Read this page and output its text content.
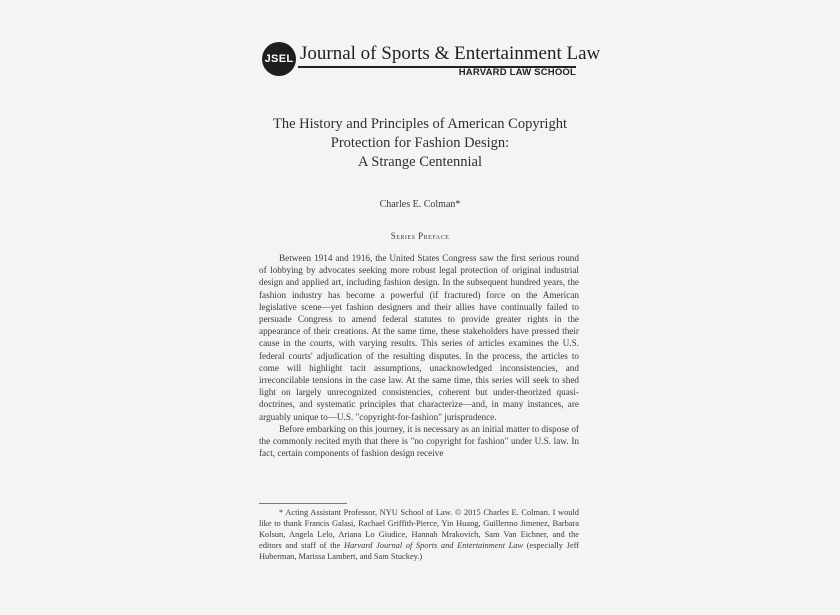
JSEL Journal of Sports & Entertainment Law
HARVARD LAW SCHOOL
The History and Principles of American Copyright
Protection for Fashion Design:
A Strange Centennial
Charles E. Colman*
Series Preface

Between 1914 and 1916, the United States Congress saw the first serious round of lobbying by advocates seeking more robust legal protection of original industrial design and applied art, including fashion design. In the subsequent hundred years, the fashion industry has become a powerful (if fractured) force on the American legislative scene—yet fashion designers and their allies have continually failed to persuade Congress to amend federal statutes to provide greater rights in the appearance of their creations. At the same time, these stakeholders have pressed their cause in the courts, with varying results. This series of articles examines the U.S. federal courts' adjudication of the resulting disputes. In the process, the articles to come will highlight tacit assumptions, unacknowledged inconsistencies, and irreconcilable tensions in the case law. At the same time, this series will seek to shed light on largely unrecognized consistencies, coherent but under-theorized quasi-doctrines, and systematic principles that characterize—and, in many instances, are arguably unique to—U.S. "copyright-for-fashion" jurisprudence.

Before embarking on this journey, it is necessary as an initial matter to dispose of the commonly recited myth that there is "no copyright for fashion" under U.S. law. In fact, certain components of fashion design receive

* Acting Assistant Professor, NYU School of Law. © 2015 Charles E. Colman. I would like to thank Francis Galasi, Rachael Griffith-Pierce, Yin Huang, Guillermo Jimenez, Barbara Kolsun, Angela Lelo, Ariana Lo Giudice, Hannah Mrakovich, Sam Van Eichner, and the editors and staff of the Harvard Journal of Sports and Entertainment Law (especially Jeff Huberman, Marissa Lambert, and Sam Stuckey.)
